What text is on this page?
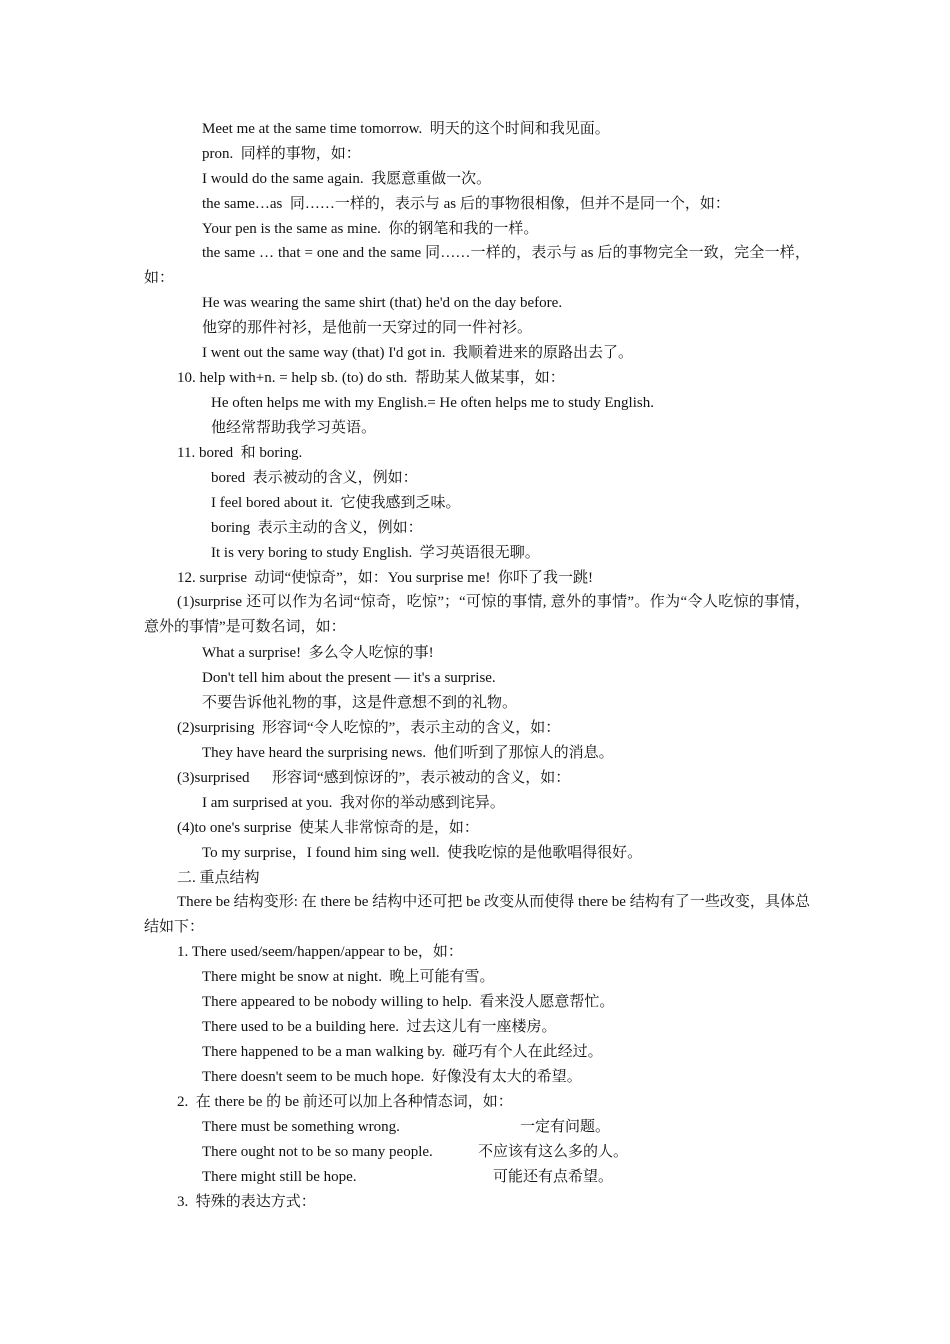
Meet me at the same time tomorrow.  明天的这个时间和我见面。
pron.  同样的事物，如：
I would do the same again.  我愿意重做一次。
the same…as  同……一样的，表示与 as 后的事物很相像，但并不是同一个，如：
Your pen is the same as mine.  你的钢笔和我的一样。
the same … that = one and the same 同……一样的，表示与 as 后的事物完全一致，完全一样，如：
He was wearing the same shirt (that) he'd on the day before.
他穿的那件衬衫，是他前一天穿过的同一件衬衫。
I went out the same way (that) I'd got in.  我顺着进来的原路出去了。
10. help with+n. = help sb. (to) do sth.  帮助某人做某事，如：
He often helps me with my English.= He often helps me to study English.
他经常帮助我学习英语。
11. bored  和 boring.
bored  表示被动的含义，例如：
I feel bored about it.  它使我感到乏味。
boring  表示主动的含义，例如：
It is very boring to study English.  学习英语很无聊。
12. surprise  动词“使惊奇”，如：You surprise me!  你吓了我一跳!
(1)surprise 还可以作为名词“惊奇，吃惊”；“可惊的事情, 意外的事情”。作为“令人吃惊的事情，意外的事情”是可数名词，如：
What a surprise!  多么令人吃惊的事!
Don't tell him about the present — it's a surprise.
不要告诉他礼物的事，这是件意想不到的礼物。
(2)surprising  形容词“令人吃惊的”，表示主动的含义，如：
They have heard the surprising news.  他们听到了那惊人的消息。
(3)surprised      形容词“感到惊讶的”，表示被动的含义，如：
I am surprised at you.  我对你的举动感到诧异。
(4)to one's surprise  使某人非常惊奇的是，如：
To my surprise，I found him sing well.  使我吃惊的是他歌唱得很好。
二. 重点结构
There be 结构变形: 在 there be 结构中还可把 be 改变从而使得 there be 结构有了一些改变，具体总结如下：
1. There used/seem/happen/appear to be，如：
There might be snow at night.  晚上可能有雪。
There appeared to be nobody willing to help.  看来没人愿意帮忙。
There used to be a building here.  过去这儿有一座楼房。
There happened to be a man walking by.  碰巧有个人在此经过。
There doesn't seem to be much hope.  好像没有太大的希望。
2.  在 there be 的 be 前还可以加上各种情态词，如：
There must be something wrong.	一定有问题。
There ought not to be so many people.	不应该有这么多的人。
There might still be hope.	可能还有点希望。
3.  特殊的表达方式：
